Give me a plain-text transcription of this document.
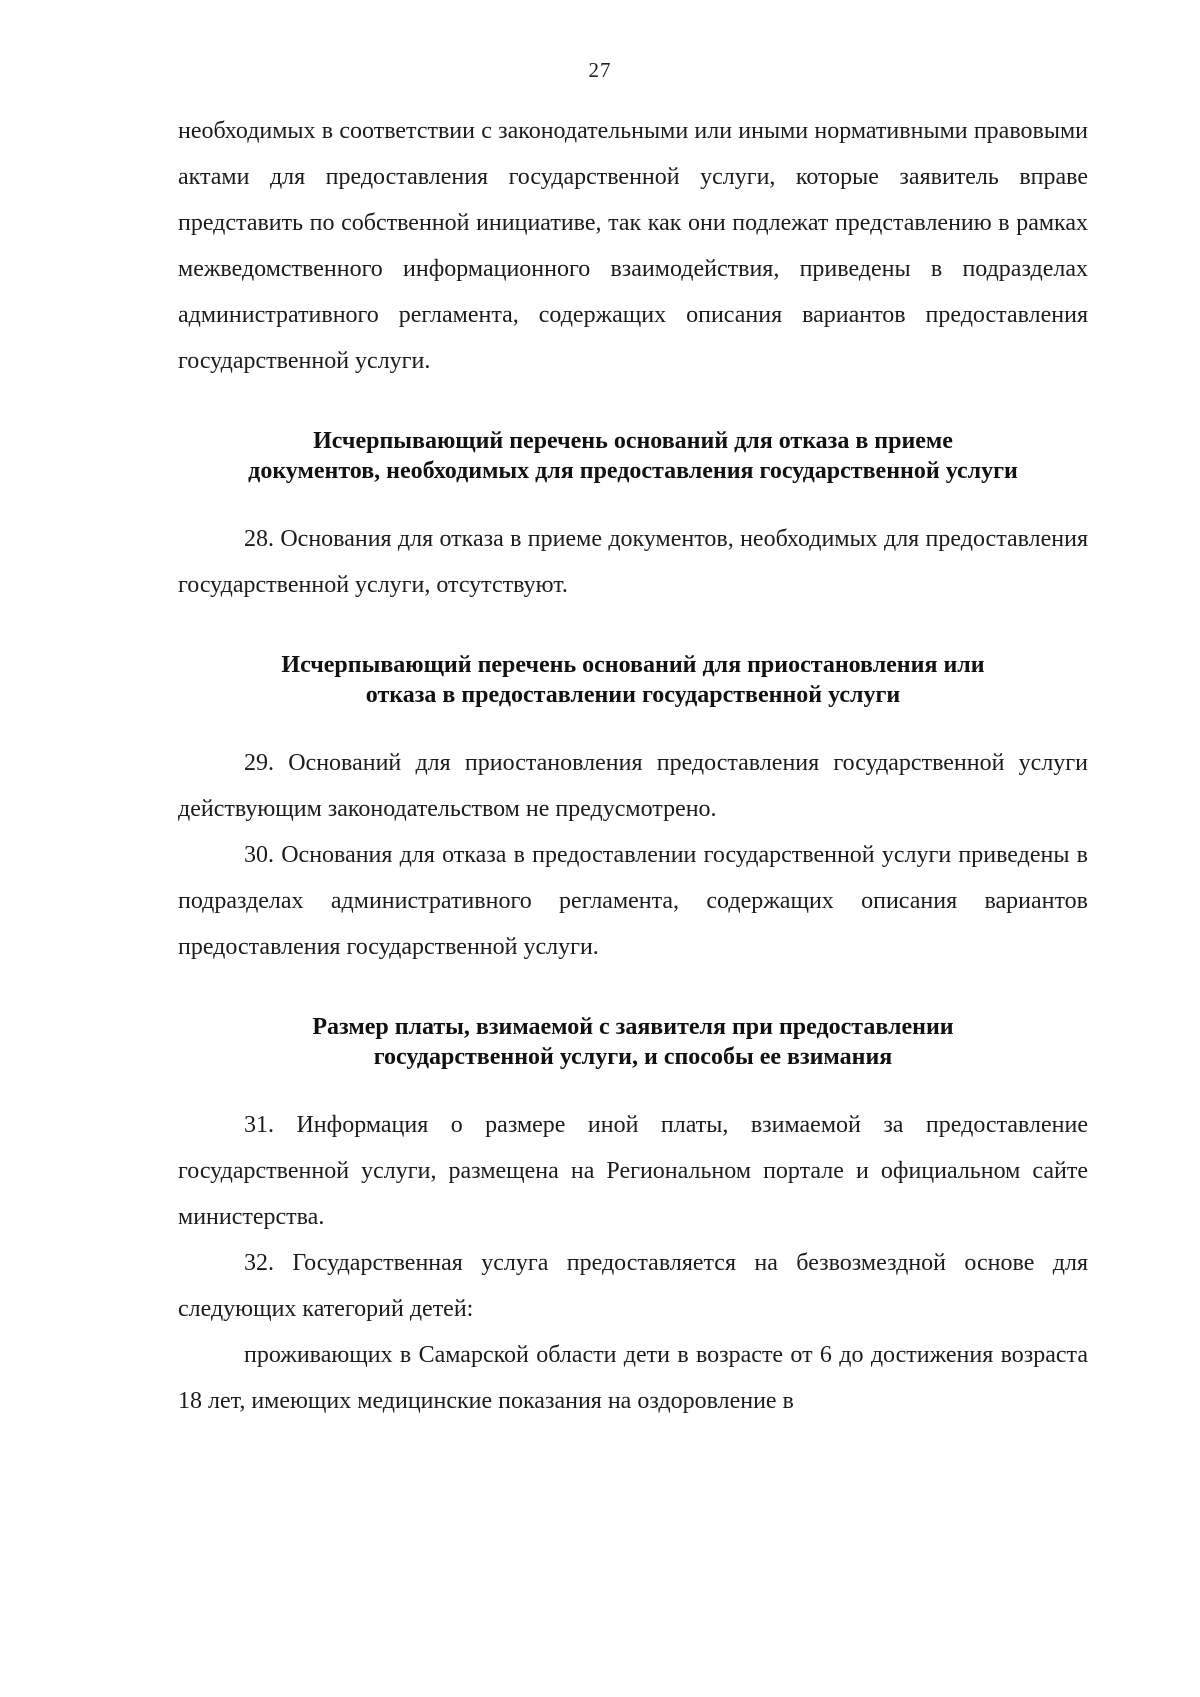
27

необходимых в соответствии с законодательными или иными нормативными правовыми актами для предоставления государственной услуги, которые заявитель вправе представить по собственной инициативе, так как они подлежат представлению в рамках межведомственного информационного взаимодействия, приведены в подразделах административного регламента, содержащих описания вариантов предоставления государственной услуги.

Исчерпывающий перечень оснований для отказа в приеме
документов, необходимых для предоставления государственной услуги

28. Основания для отказа в приеме документов, необходимых для предоставления государственной услуги, отсутствуют.

Исчерпывающий перечень оснований для приостановления или
отказа в предоставлении государственной услуги

29. Оснований для приостановления предоставления государственной услуги действующим законодательством не предусмотрено.

30. Основания для отказа в предоставлении государственной услуги приведены в подразделах административного регламента, содержащих описания вариантов предоставления государственной услуги.

Размер платы, взимаемой с заявителя при предоставлении
государственной услуги, и способы ее взимания

31. Информация о размере иной платы, взимаемой за предоставление государственной услуги, размещена на Региональном портале и официальном сайте министерства.

32. Государственная услуга предоставляется на безвозмездной основе для следующих категорий детей:

проживающих в Самарской области дети в возрасте от 6 до достижения возраста 18 лет, имеющих медицинские показания на оздоровление в
